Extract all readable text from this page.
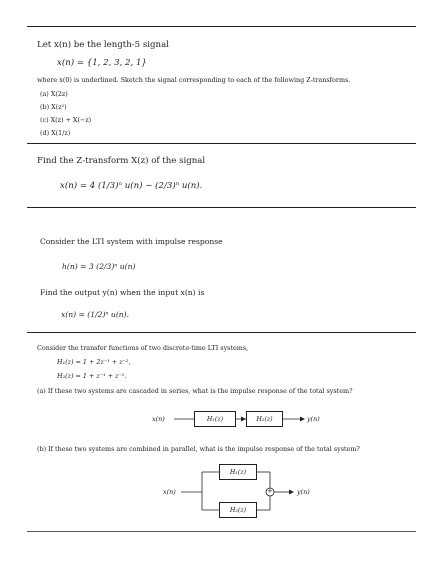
Let x(n) be the length-5 signal
x(n) = {1, 2, 3, 2, 1}
where x(0) is underlined. Sketch the signal corresponding to each of the following Z-transforms.
(a) X(2z)
(b) X(z²)
(c) X(z) + X(−z)
(d) X(1/z)
Find the Z-transform X(z) of the signal
x(n) = 4 (1/3)ⁿ u(n) − (2/3)ⁿ u(n).
Consider the LTI system with impulse response
h(n) = 3 (2/3)ⁿ u(n)
Find the output y(n) when the input x(n) is
x(n) = (1/2)ⁿ u(n).
Consider the transfer functions of two discrete-time LTI systems,
H₁(z) = 1 + 2z⁻¹ + z⁻²,
H₂(z) = 1 + z⁻¹ + z⁻².
(a) If these two systems are cascaded in series, what is the impulse response of the total system?
x(n)	H₁(z)	H₂(z)	y(n)
(b) If these two systems are combined in parallel, what is the impulse response of the total system?
x(n)
H₁(z)
H₂(z)
+	y(n)
